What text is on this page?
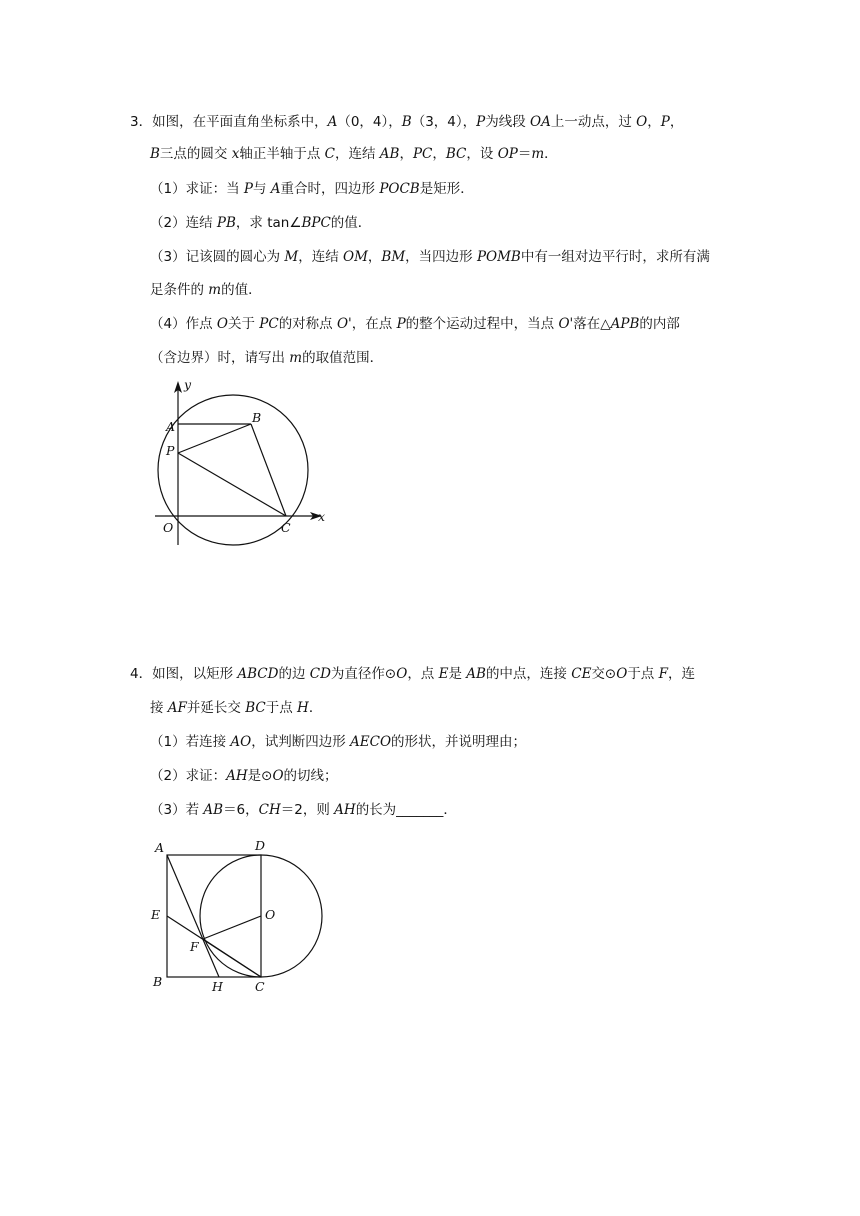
3．如图，在平面直角坐标系中，A（0，4），B（3，4），P为线段 OA上一动点，过 O，P，
B三点的圆交 x轴正半轴于点 C，连结 AB，PC，BC，设 OP＝m．
（1）求证：当 P与 A重合时，四边形 POCB是矩形．
（2）连结 PB，求 tan∠BPC的值．
（3）记该圆的圆心为 M，连结 OM，BM，当四边形 POMB中有一组对边平行时，求所有满
足条件的 m的值．
（4）作点 O关于 PC的对称点 O'，在点 P的整个运动过程中，当点 O'落在△APB的内部
（含边界）时，请写出 m的取值范围．
y
x
A
B
P
O	C
4．如图，以矩形 ABCD的边 CD为直径作⊙O，点 E是 AB的中点，连接 CE交⊙O于点 F，连
接 AF并延长交 BC于点 H．
（1）若连接 AO，试判断四边形 AECO的形状，并说明理由；
（2）求证：AH是⊙O的切线；
（3）若 AB＝6，CH＝2，则 AH的长为_______．
A	D
E	O
F
B	H	C
